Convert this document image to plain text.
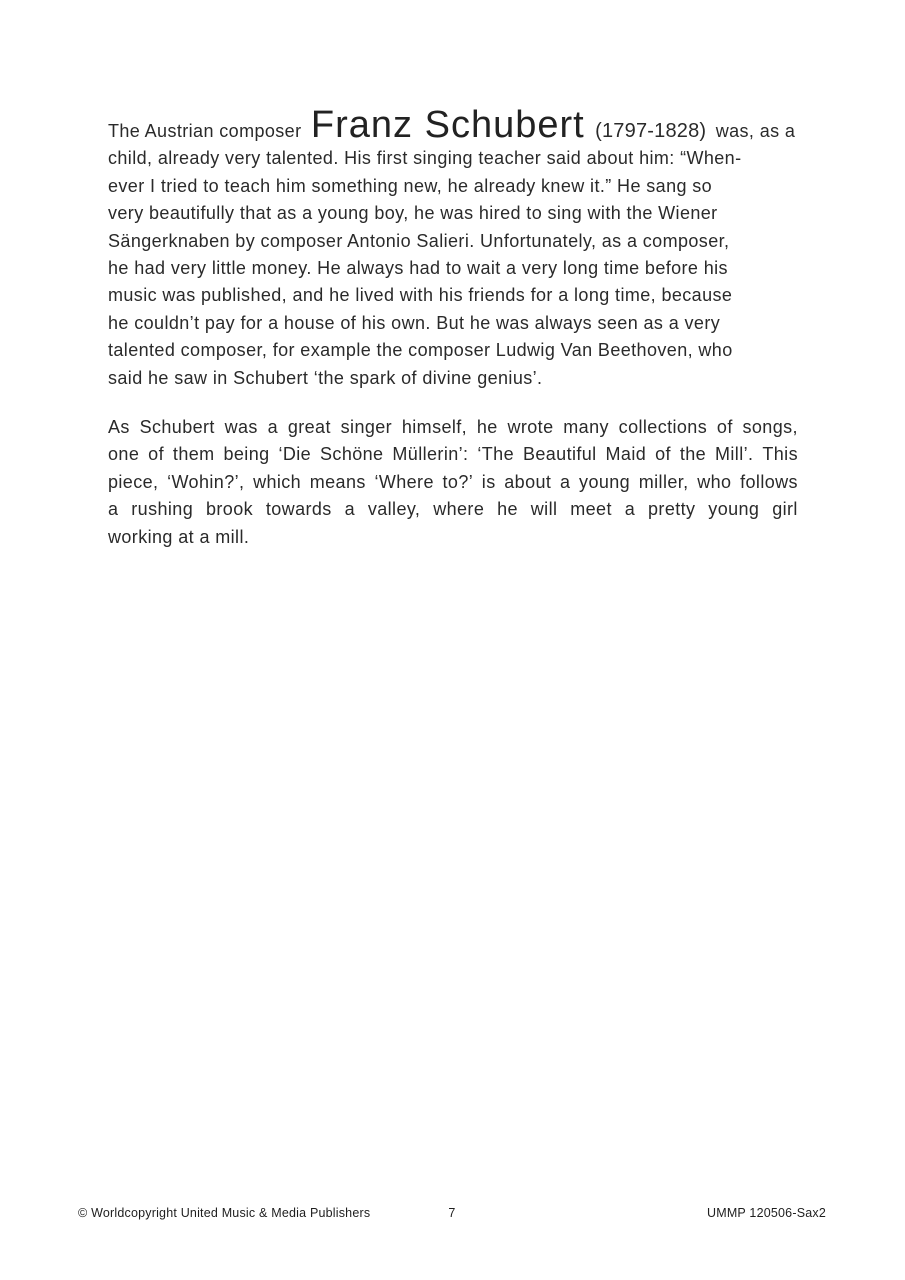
The Austrian composer Franz Schubert (1797-1828) was, as a
child, already very talented. His first singing teacher said about him: “When-
ever I tried to teach him something new, he already knew it.” He sang so
very beautifully that as a young boy, he was hired to sing with the Wiener
Sängerknaben by composer Antonio Salieri. Unfortunately, as a composer,
he had very little money. He always had to wait a very long time before his
music was published, and he lived with his friends for a long time, because
he couldn’t pay for a house of his own. But he was always seen as a very
talented composer, for example the composer Ludwig Van Beethoven, who
said he saw in Schubert ‘the spark of divine genius’.
As Schubert was a great singer himself, he wrote many collections of songs,
one of them being ‘Die Schöne Müllerin’: ‘The Beautiful Maid of the Mill’. This
piece, ‘Wohin?’, which means ‘Where to?’ is about a young miller, who follows
a rushing brook towards a valley, where he will meet a pretty young girl
working at a mill.
© Worldcopyright United Music & Media Publishers	7	UMMP 120506-Sax2
